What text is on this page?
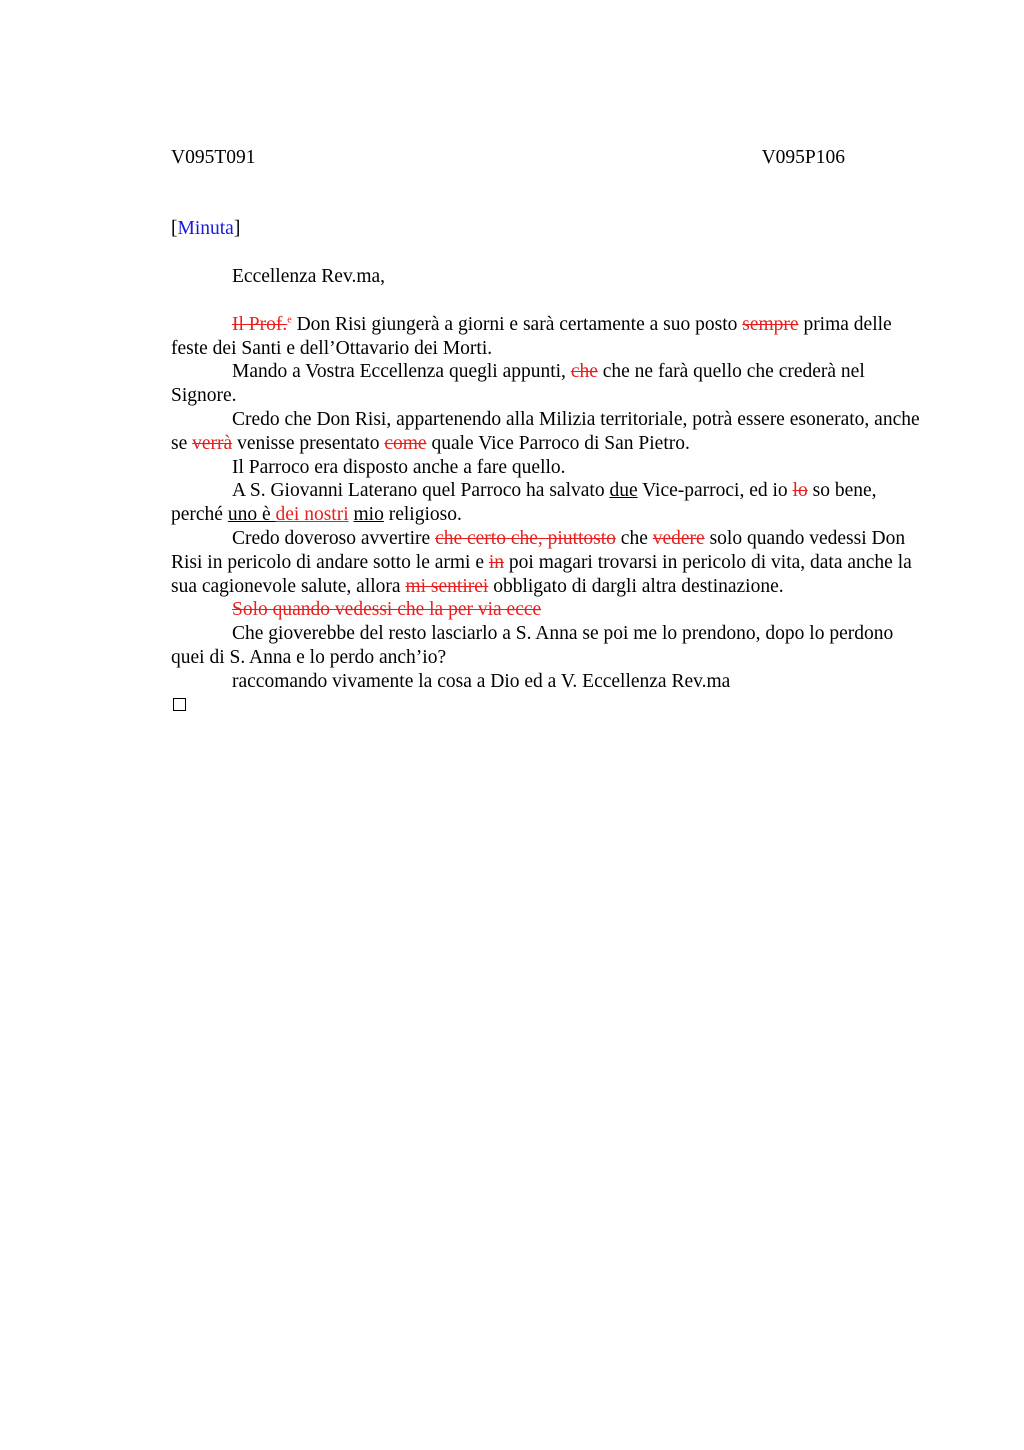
V095T091	V095P106
[Minuta]

Eccellenza Rev.ma,

Il Prof.$^e$ Don Risi giungerà a giorni e sarà certamente a suo posto sempre prima delle feste dei Santi e dell’Ottavario dei Morti.

Mando a Vostra Eccellenza quegli appunti, che che ne farà quello che crederà nel Signore.

Credo che Don Risi, appartenendo alla Milizia territoriale, potrà essere esonerato, anche se verrà venisse presentato come quale Vice Parroco di San Pietro.

Il Parroco era disposto anche a fare quello.

A S. Giovanni Laterano quel Parroco ha salvato due Vice-parroci, ed io lo so bene, perché uno è dei nostri mio religioso.

Credo doveroso avvertire che certo che, piuttosto che vedere solo quando vedessi Don Risi in pericolo di andare sotto le armi e in poi magari trovarsi in pericolo di vita, data anche la sua cagionevole salute, allora mi sentirei obbligato di dargli altra destinazione.

Solo quando vedessi che la per via ecce

Che gioverebbe del resto lasciarlo a S. Anna se poi me lo prendono, dopo lo perdono quei di S. Anna e lo perdo anch’io?

raccomando vivamente la cosa a Dio ed a V. Eccellenza Rev.ma
